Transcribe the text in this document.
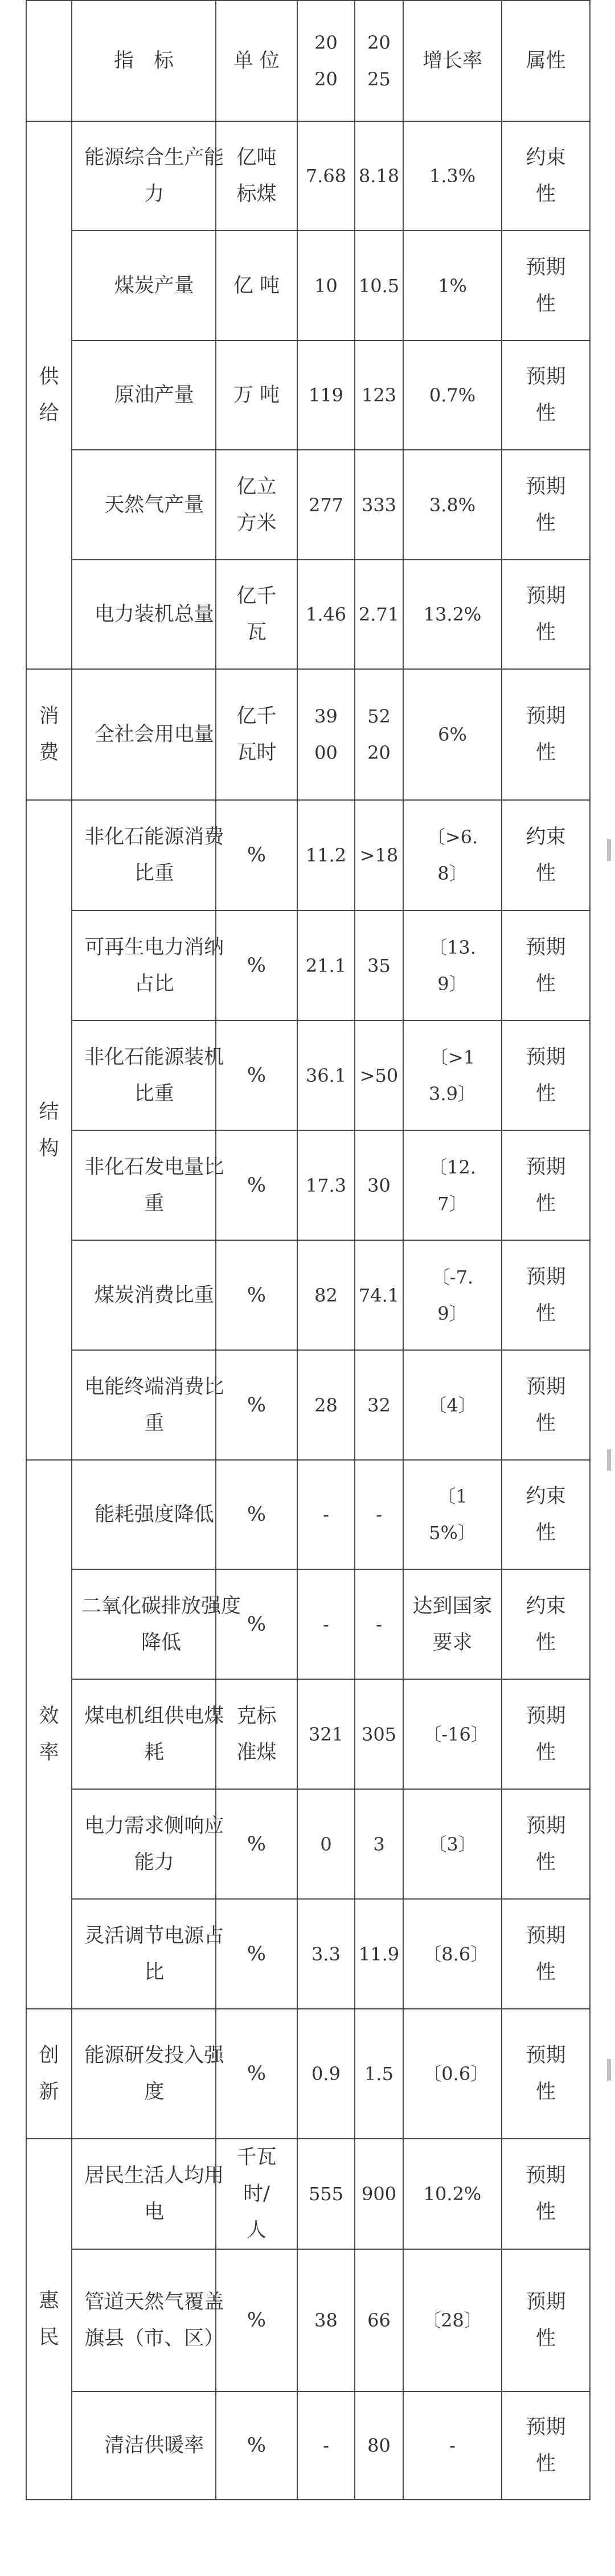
	指　标	单 位	2020	2025	增长率	属性
供给	能源综合生产能力	亿吨标煤	7.68	8.18	1.3%	约束性
	煤炭产量	亿 吨	10	10.5	1%	预期性
	原油产量	万 吨	119	123	0.7%	预期性
	天然气产量	亿立方米	277	333	3.8%	预期性
	电力装机总量	亿千瓦	1.46	2.71	13.2%	预期性
消费	全社会用电量	亿千瓦时	3900	5220	6%	预期性
结构	非化石能源消费比重	%	11.2	>18	〔>6.8〕	约束性
	可再生电力消纳占比	%	21.1	35	〔13.9〕	预期性
	非化石能源装机比重	%	36.1	>50	〔>13.9〕	预期性
	非化石发电量比重	%	17.3	30	〔12.7〕	预期性
	煤炭消费比重	%	82	74.1	〔-7.9〕	预期性
	电能终端消费比重	%	28	32	〔4〕	预期性
效率	能耗强度降低	%	-	-	〔15%〕	约束性
	二氧化碳排放强度降低	%	-	-	达到国家要求	约束性
	煤电机组供电煤耗	克标准煤	321	305	〔-16〕	预期性
	电力需求侧响应能力	%	0	3	〔3〕	预期性
	灵活调节电源占比	%	3.3	11.9	〔8.6〕	预期性
创新	能源研发投入强度	%	0.9	1.5	〔0.6〕	预期性
惠民	居民生活人均用电	千瓦时/人	555	900	10.2%	预期性
	管道天然气覆盖旗县（市、区）	%	38	66	〔28〕	预期性
	清洁供暖率	%	-	80	-	预期性
